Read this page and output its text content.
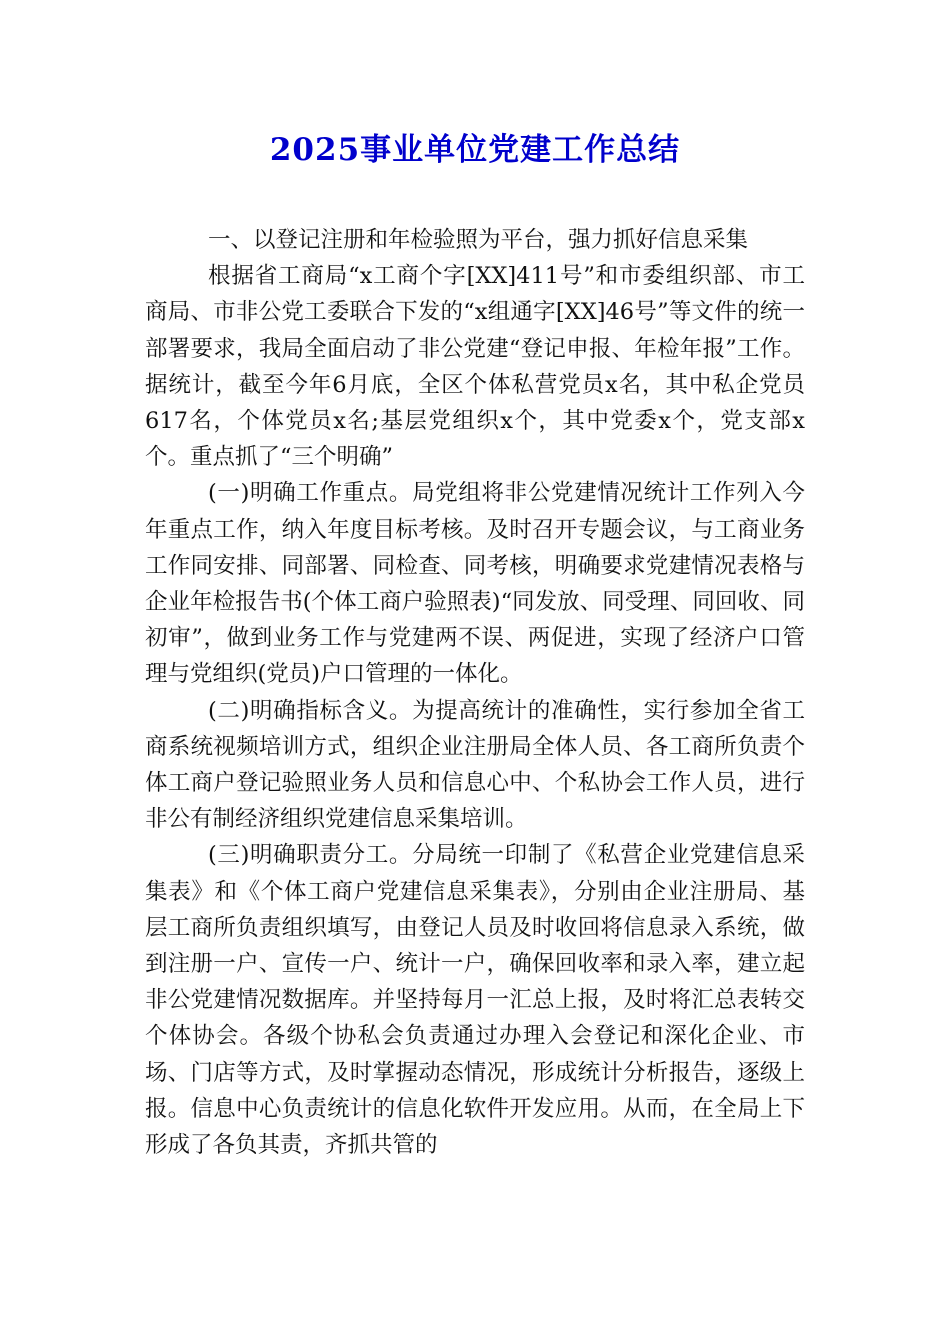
2025事业单位党建工作总结

一、以登记注册和年检验照为平台，强力抓好信息采集

根据省工商局“x工商个字[XX]411号”和市委组织部、市工商局、市非公党工委联合下发的“x组通字[XX]46号”等文件的统一部署要求，我局全面启动了非公党建“登记申报、年检年报”工作。据统计，截至今年6月底，全区个体私营党员x名，其中私企党员617名，个体党员x名;基层党组织x个，其中党委x个，党支部x个。重点抓了“三个明确”

(一)明确工作重点。局党组将非公党建情况统计工作列入今年重点工作，纳入年度目标考核。及时召开专题会议，与工商业务工作同安排、同部署、同检查、同考核，明确要求党建情况表格与企业年检报告书(个体工商户验照表)“同发放、同受理、同回收、同初审”，做到业务工作与党建两不误、两促进，实现了经济户口管理与党组织(党员)户口管理的一体化。

(二)明确指标含义。为提高统计的准确性，实行参加全省工商系统视频培训方式，组织企业注册局全体人员、各工商所负责个体工商户登记验照业务人员和信息心中、个私协会工作人员，进行非公有制经济组织党建信息采集培训。

(三)明确职责分工。分局统一印制了《私营企业党建信息采集表》和《个体工商户党建信息采集表》，分别由企业注册局、基层工商所负责组织填写，由登记人员及时收回将信息录入系统，做到注册一户、宣传一户、统计一户，确保回收率和录入率，建立起非公党建情况数据库。并坚持每月一汇总上报，及时将汇总表转交个体协会。各级个协私会负责通过办理入会登记和深化企业、市场、门店等方式，及时掌握动态情况，形成统计分析报告，逐级上报。信息中心负责统计的信息化软件开发应用。从而，在全局上下形成了各负其责，齐抓共管的
